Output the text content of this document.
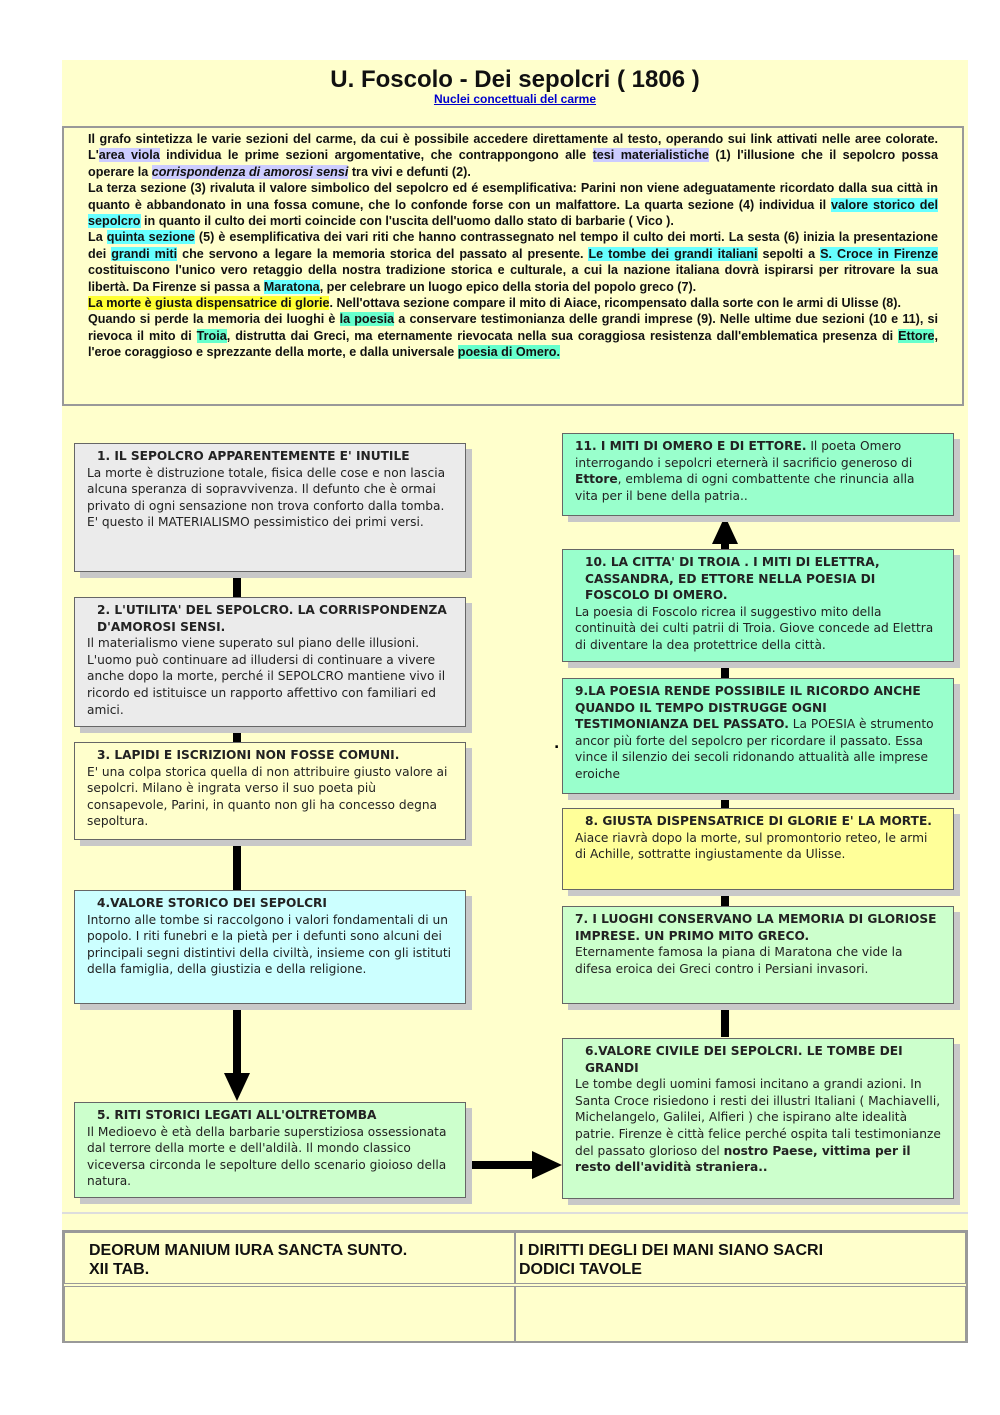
U. Foscolo - Dei sepolcri ( 1806 )
Nuclei concettuali del carme

Il grafo sintetizza le varie sezioni del carme, da cui è possibile accedere direttamente al testo, operando sui link attivati nelle aree colorate. L'area viola individua le prime sezioni argomentative, che contrappongono alle tesi materialistiche (1) l'illusione che il sepolcro possa operare la corrispondenza di amorosi sensi tra vivi e defunti (2).

La terza sezione (3) rivaluta il valore simbolico del sepolcro ed é esemplificativa: Parini non viene adeguatamente ricordato dalla sua città in quanto è abbandonato in una fossa comune, che lo confonde forse con un malfattore. La quarta sezione (4) individua il valore storico del sepolcro in quanto il culto dei morti coincide con l'uscita dell'uomo dallo stato di barbarie ( Vico ).

La quinta sezione (5) è esemplificativa dei vari riti che hanno contrassegnato nel tempo il culto dei morti. La sesta (6) inizia la presentazione dei grandi miti che servono a legare la memoria storica del passato al presente. Le tombe dei grandi italiani sepolti a S. Croce in Firenze costituiscono l'unico vero retaggio della nostra tradizione storica e culturale, a cui la nazione italiana dovrà ispirarsi per ritrovare la sua libertà. Da Firenze si passa a Maratona, per celebrare un luogo epico della storia del popolo greco (7).

La morte è giusta dispensatrice di glorie. Nell'ottava sezione compare il mito di Aiace, ricompensato dalla sorte con le armi di Ulisse (8).

Quando si perde la memoria dei luoghi è la poesia a conservare testimonianza delle grandi imprese (9). Nelle ultime due sezioni (10 e 11), si rievoca il mito di Troia, distrutta dai Greci, ma eternamente rievocata nella sua coraggiosa resistenza dall'emblematica presenza di Ettore, l'eroe coraggioso e sprezzante della morte, e dalla universale poesia di Omero.

.
1. IL SEPOLCRO APPARENTEMENTE E' INUTILE
La morte è distruzione totale, fisica delle cose e non lascia alcuna speranza di sopravvivenza. Il defunto che è ormai privato di ogni sensazione non trova conforto dalla tomba. E' questo il MATERIALISMO pessimistico dei primi versi.
2. L'UTILITA' DEL SEPOLCRO. LA CORRISPONDENZA D'AMOROSI SENSI.
Il materialismo viene superato sul piano delle illusioni. L'uomo può continuare ad illudersi di continuare a vivere anche dopo la morte, perché il SEPOLCRO mantiene vivo il ricordo ed istituisce un rapporto affettivo con familiari ed amici.
3. LAPIDI E ISCRIZIONI NON FOSSE COMUNI.
E' una colpa storica quella di non attribuire giusto valore ai sepolcri. Milano è ingrata verso il suo poeta più consapevole, Parini, in quanto non gli ha concesso degna sepoltura.
4.VALORE STORICO DEI SEPOLCRI
Intorno alle tombe si raccolgono i valori fondamentali di un popolo. I riti funebri e la pietà per i defunti sono alcuni dei principali segni distintivi della civiltà, insieme con gli istituti della famiglia, della giustizia e della religione.
5. RITI STORICI LEGATI ALL'OLTRETOMBA
Il Medioevo è età della barbarie superstiziosa ossessionata dal terrore della morte e dell'aldilà. Il mondo classico viceversa circonda le sepolture dello scenario gioioso della natura.
11. I MITI DI OMERO E DI ETTORE. Il poeta Omero interrogando i sepolcri eternerà il sacrificio generoso di Ettore, emblema di ogni combattente che rinuncia alla vita per il bene della patria..
10. LA CITTA' DI TROIA . I MITI DI ELETTRA, CASSANDRA, ED ETTORE NELLA POESIA DI FOSCOLO DI OMERO.
La poesia di Foscolo ricrea il suggestivo mito della continuità dei culti patrii di Troia. Giove concede ad Elettra di diventare la dea protettrice della città.
9.LA POESIA RENDE POSSIBILE IL RICORDO ANCHE QUANDO IL TEMPO DISTRUGGE OGNI TESTIMONIANZA DEL PASSATO. La POESIA è strumento ancor più forte del sepolcro per ricordare il passato. Essa vince il silenzio dei secoli ridonando attualità alle imprese eroiche
8. GIUSTA DISPENSATRICE DI GLORIE E' LA MORTE.
Aiace riavrà dopo la morte, sul promontorio reteo, le armi di Achille, sottratte ingiustamente da Ulisse.
7. I LUOGHI CONSERVANO LA MEMORIA DI GLORIOSE IMPRESE. UN PRIMO MITO GRECO.
Eternamente famosa la piana di Maratona che vide la difesa eroica dei Greci contro i Persiani invasori.
6.VALORE CIVILE DEI SEPOLCRI. LE TOMBE DEI GRANDI
Le tombe degli uomini famosi incitano a grandi azioni. In Santa Croce risiedono i resti dei illustri Italiani ( Machiavelli, Michelangelo, Galilei, Alfieri ) che ispirano alte idealità patrie. Firenze è città felice perché ospita tali testimonianze del passato glorioso del nostro Paese, vittima per il resto dell'avidità straniera..
DEORUM MANIUM IURA SANCTA SUNTO.
XII TAB.
I DIRITTI DEGLI DEI MANI SIANO SACRI
DODICI TAVOLE
